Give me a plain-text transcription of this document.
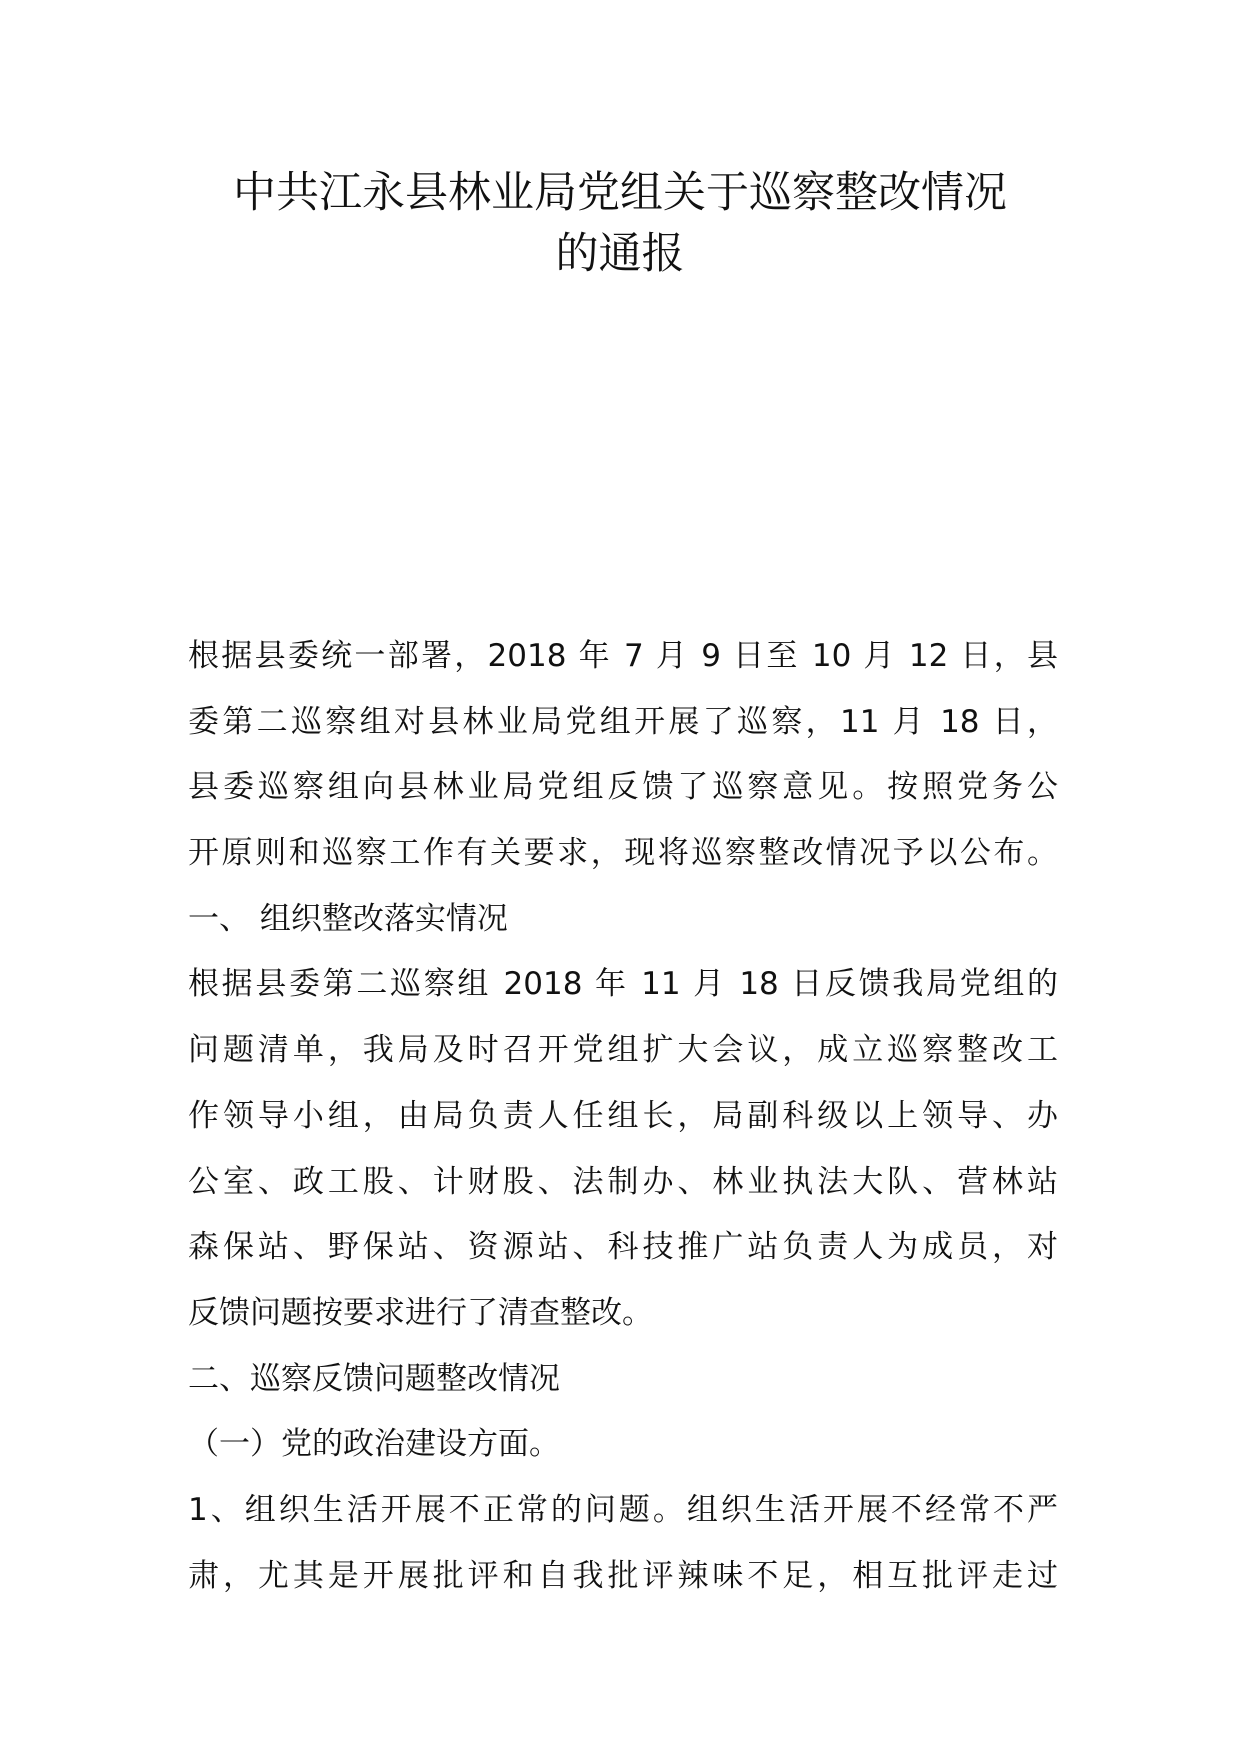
中共江永县林业局党组关于巡察整改情况
的通报
根据县委统一部署，2018 年 7 月 9 日至 10 月 12 日，县
委第二巡察组对县林业局党组开展了巡察，11 月 18 日，
县委巡察组向县林业局党组反馈了巡察意见。按照党务公
开原则和巡察工作有关要求，现将巡察整改情况予以公布。
一、 组织整改落实情况
根据县委第二巡察组 2018 年 11 月 18 日反馈我局党组的
问题清单，我局及时召开党组扩大会议，成立巡察整改工
作领导小组，由局负责人任组长，局副科级以上领导、办
公室、政工股、计财股、法制办、林业执法大队、营林站
森保站、野保站、资源站、科技推广站负责人为成员，对
反馈问题按要求进行了清查整改。
二、巡察反馈问题整改情况
（一）党的政治建设方面。
1、组织生活开展不正常的问题。组织生活开展不经常不严
肃，尤其是开展批评和自我批评辣味不足，相互批评走过
